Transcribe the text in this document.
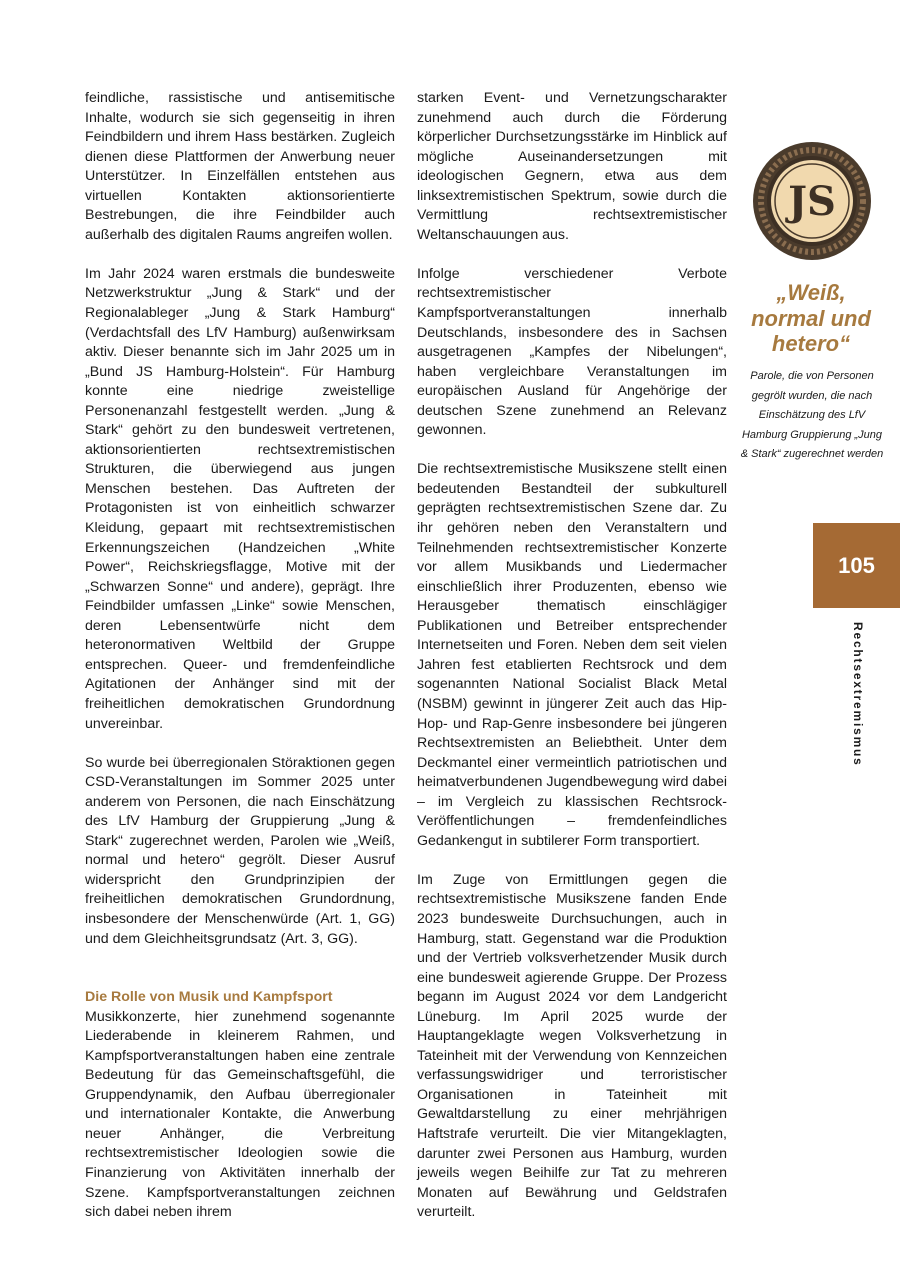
feindliche, rassistische und antisemitische Inhalte, wodurch sie sich gegenseitig in ihren Feindbildern und ihrem Hass bestärken. Zugleich dienen diese Plattformen der Anwerbung neuer Unterstützer. In Einzelfällen entstehen aus virtuellen Kontakten aktionsorientierte Bestrebungen, die ihre Feindbilder auch außerhalb des digitalen Raums angreifen wollen.

Im Jahr 2024 waren erstmals die bundesweite Netzwerkstruktur „Jung & Stark“ und der Regionalableger „Jung & Stark Hamburg“ (Verdachtsfall des LfV Hamburg) außenwirksam aktiv. Dieser benannte sich im Jahr 2025 um in „Bund JS Hamburg-Holstein“. Für Hamburg konnte eine niedrige zweistellige Personenanzahl festgestellt werden. „Jung & Stark“ gehört zu den bundesweit vertretenen, aktionsorientierten rechtsextremistischen Strukturen, die überwiegend aus jungen Menschen bestehen. Das Auftreten der Protagonisten ist von einheitlich schwarzer Kleidung, gepaart mit rechtsextremistischen Erkennungszeichen (Handzeichen „White Power“, Reichskriegsflagge, Motive mit der „Schwarzen Sonne“ und andere), geprägt. Ihre Feindbilder umfassen „Linke“ sowie Menschen, deren Lebensentwürfe nicht dem heteronormativen Weltbild der Gruppe entsprechen. Queer- und fremdenfeindliche Agitationen der Anhänger sind mit der freiheitlichen demokratischen Grundordnung unvereinbar.

So wurde bei überregionalen Störaktionen gegen CSD-Veranstaltungen im Sommer 2025 unter anderem von Personen, die nach Einschätzung des LfV Hamburg der Gruppierung „Jung & Stark“ zugerechnet werden, Parolen wie „Weiß, normal und hetero“ gegrölt. Dieser Ausruf widerspricht den Grundprinzipien der freiheitlichen demokratischen Grundordnung, insbesondere der Menschenwürde (Art. 1, GG) und dem Gleichheitsgrundsatz (Art. 3, GG).

Die Rolle von Musik und Kampfsport

Musikkonzerte, hier zunehmend sogenannte Liederabende in kleinerem Rahmen, und Kampfsportveranstaltungen haben eine zentrale Bedeutung für das Gemeinschaftsgefühl, die Gruppendynamik, den Aufbau überregionaler und internationaler Kontakte, die Anwerbung neuer Anhänger, die Verbreitung rechtsextremistischer Ideologien sowie die Finanzierung von Aktivitäten innerhalb der Szene. Kampfsportveranstaltungen zeichnen sich dabei neben ihrem

starken Event- und Vernetzungscharakter zunehmend auch durch die Förderung körperlicher Durchsetzungsstärke im Hinblick auf mögliche Auseinandersetzungen mit ideologischen Gegnern, etwa aus dem linksextremistischen Spektrum, sowie durch die Vermittlung rechtsextremistischer Weltanschauungen aus.

Infolge verschiedener Verbote rechtsextremistischer Kampfsportveranstaltungen innerhalb Deutschlands, insbesondere des in Sachsen ausgetragenen „Kampfes der Nibelungen“, haben vergleichbare Veranstaltungen im europäischen Ausland für Angehörige der deutschen Szene zunehmend an Relevanz gewonnen.

Die rechtsextremistische Musikszene stellt einen bedeutenden Bestandteil der subkulturell geprägten rechtsextremistischen Szene dar. Zu ihr gehören neben den Veranstaltern und Teilnehmenden rechtsextremistischer Konzerte vor allem Musikbands und Liedermacher einschließlich ihrer Produzenten, ebenso wie Herausgeber thematisch einschlägiger Publikationen und Betreiber entsprechender Internetseiten und Foren. Neben dem seit vielen Jahren fest etablierten Rechtsrock und dem sogenannten National Socialist Black Metal (NSBM) gewinnt in jüngerer Zeit auch das Hip-Hop- und Rap-Genre insbesondere bei jüngeren Rechtsextremisten an Beliebtheit. Unter dem Deckmantel einer vermeintlich patriotischen und heimatverbundenen Jugendbewegung wird dabei – im Vergleich zu klassischen Rechtsrock-Veröffentlichungen – fremdenfeindliches Gedankengut in subtilerer Form transportiert.

Im Zuge von Ermittlungen gegen die rechtsextremistische Musikszene fanden Ende 2023 bundesweite Durchsuchungen, auch in Hamburg, statt. Gegenstand war die Produktion und der Vertrieb volksverhetzender Musik durch eine bundesweit agierende Gruppe. Der Prozess begann im August 2024 vor dem Landgericht Lüneburg. Im April 2025 wurde der Hauptangeklagte wegen Volksverhetzung in Tateinheit mit der Verwendung von Kennzeichen verfassungswidriger und terroristischer Organisationen in Tateinheit mit Gewaltdarstellung zu einer mehrjährigen Haftstrafe verurteilt. Die vier Mitangeklagten, darunter zwei Personen aus Hamburg, wurden jeweils wegen Beihilfe zur Tat zu mehreren Monaten auf Bewährung und Geldstrafen verurteilt.

JS
„Weiß, normal und hetero“
Parole, die von Personen gegrölt wurden, die nach Einschätzung des LfV Hamburg Gruppierung „Jung & Stark“ zugerechnet werden
105
Rechtsextremismus
